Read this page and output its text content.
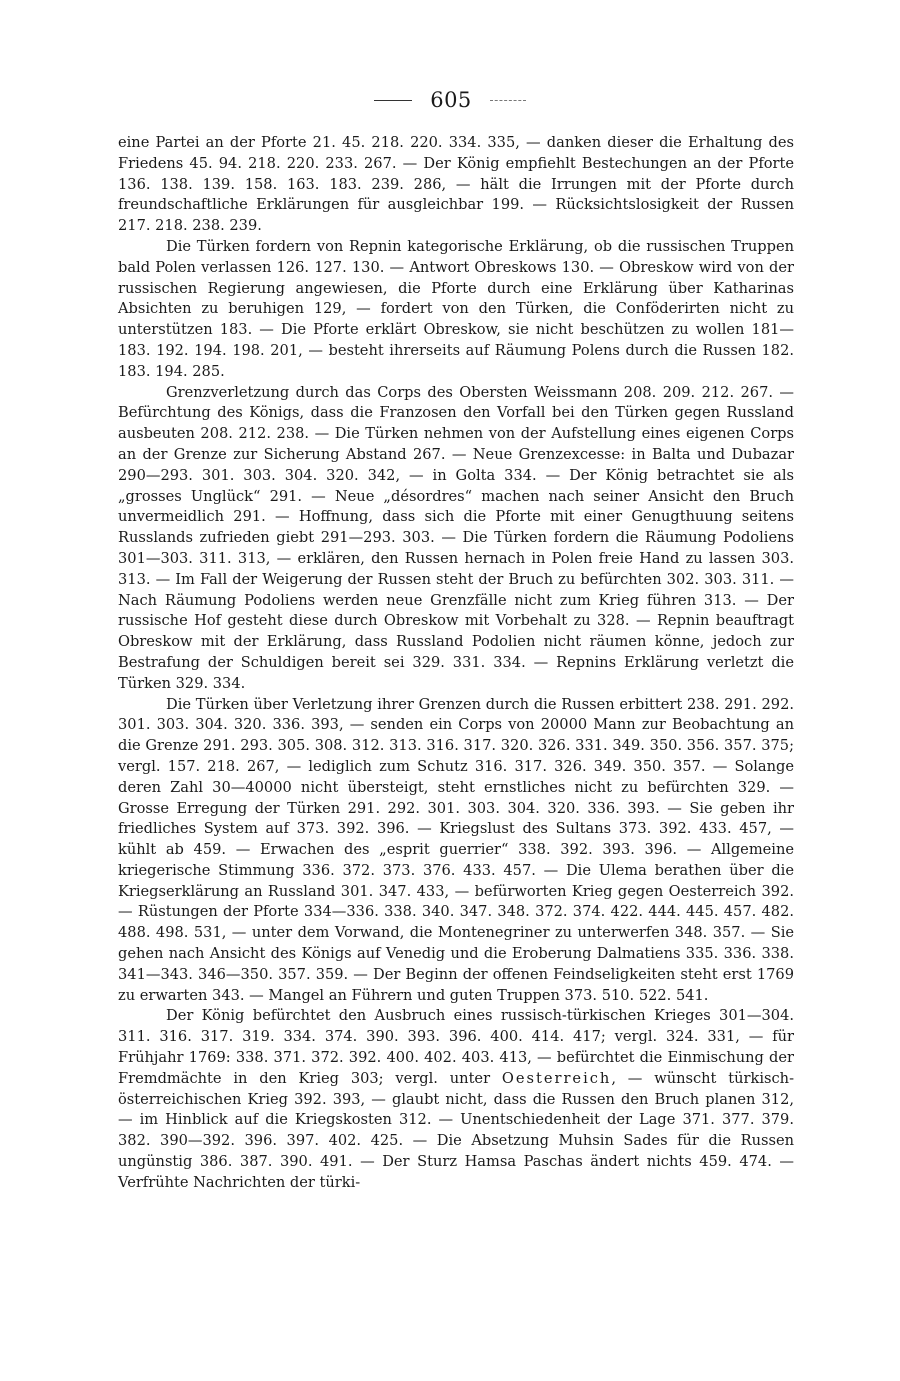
605

eine Partei an der Pforte 21. 45. 218. 220. 334. 335, — danken dieser die Erhaltung des Friedens 45. 94. 218. 220. 233. 267. — Der König empfiehlt Bestechungen an der Pforte 136. 138. 139. 158. 163. 183. 239. 286, — hält die Irrungen mit der Pforte durch freundschaftliche Erklärungen für ausgleichbar 199. — Rücksichtslosigkeit der Russen 217. 218. 238. 239.

Die Türken fordern von Repnin kategorische Erklärung, ob die russischen Truppen bald Polen verlassen 126. 127. 130. — Antwort Obreskows 130. — Obreskow wird von der russischen Regierung angewiesen, die Pforte durch eine Erklärung über Katharinas Absichten zu beruhigen 129, — fordert von den Türken, die Conföderirten nicht zu unterstützen 183. — Die Pforte erklärt Obreskow, sie nicht beschützen zu wollen 181—183. 192. 194. 198. 201, — besteht ihrerseits auf Räumung Polens durch die Russen 182. 183. 194. 285.

Grenzverletzung durch das Corps des Obersten Weissmann 208. 209. 212. 267. — Befürchtung des Königs, dass die Franzosen den Vorfall bei den Türken gegen Russland ausbeuten 208. 212. 238. — Die Türken nehmen von der Aufstellung eines eigenen Corps an der Grenze zur Sicherung Abstand 267. — Neue Grenzexcesse: in Balta und Dubazar 290—293. 301. 303. 304. 320. 342, — in Golta 334. — Der König betrachtet sie als „grosses Unglück“ 291. — Neue „désordres“ machen nach seiner Ansicht den Bruch unvermeidlich 291. — Hoffnung, dass sich die Pforte mit einer Genugthuung seitens Russlands zufrieden giebt 291—293. 303. — Die Türken fordern die Räumung Podoliens 301—303. 311. 313, — erklären, den Russen hernach in Polen freie Hand zu lassen 303. 313. — Im Fall der Weigerung der Russen steht der Bruch zu befürchten 302. 303. 311. — Nach Räumung Podoliens werden neue Grenzfälle nicht zum Krieg führen 313. — Der russische Hof gesteht diese durch Obreskow mit Vorbehalt zu 328. — Repnin beauftragt Obreskow mit der Erklärung, dass Russland Podolien nicht räumen könne, jedoch zur Bestrafung der Schuldigen bereit sei 329. 331. 334. — Repnins Erklärung verletzt die Türken 329. 334.

Die Türken über Verletzung ihrer Grenzen durch die Russen erbittert 238. 291. 292. 301. 303. 304. 320. 336. 393, — senden ein Corps von 20000 Mann zur Beobachtung an die Grenze 291. 293. 305. 308. 312. 313. 316. 317. 320. 326. 331. 349. 350. 356. 357. 375; vergl. 157. 218. 267, — lediglich zum Schutz 316. 317. 326. 349. 350. 357. — Solange deren Zahl 30—40000 nicht übersteigt, steht ernstliches nicht zu befürchten 329. — Grosse Erregung der Türken 291. 292. 301. 303. 304. 320. 336. 393. — Sie geben ihr friedliches System auf 373. 392. 396. — Kriegslust des Sultans 373. 392. 433. 457, — kühlt ab 459. — Erwachen des „esprit guerrier“ 338. 392. 393. 396. — Allgemeine kriegerische Stimmung 336. 372. 373. 376. 433. 457. — Die Ulema berathen über die Kriegserklärung an Russland 301. 347. 433, — befürworten Krieg gegen Oesterreich 392. — Rüstungen der Pforte 334—336. 338. 340. 347. 348. 372. 374. 422. 444. 445. 457. 482. 488. 498. 531, — unter dem Vorwand, die Montenegriner zu unterwerfen 348. 357. — Sie gehen nach Ansicht des Königs auf Venedig und die Eroberung Dalmatiens 335. 336. 338. 341—343. 346—350. 357. 359. — Der Beginn der offenen Feindseligkeiten steht erst 1769 zu erwarten 343. — Mangel an Führern und guten Truppen 373. 510. 522. 541.

Der König befürchtet den Ausbruch eines russisch-türkischen Krieges 301—304. 311. 316. 317. 319. 334. 374. 390. 393. 396. 400. 414. 417; vergl. 324. 331, — für Frühjahr 1769: 338. 371. 372. 392. 400. 402. 403. 413, — befürchtet die Einmischung der Fremdmächte in den Krieg 303; vergl. unter Oesterreich, — wünscht türkisch-österreichischen Krieg 392. 393, — glaubt nicht, dass die Russen den Bruch planen 312, — im Hinblick auf die Kriegskosten 312. — Unentschiedenheit der Lage 371. 377. 379. 382. 390—392. 396. 397. 402. 425. — Die Absetzung Muhsin Sades für die Russen ungünstig 386. 387. 390. 491. — Der Sturz Hamsa Paschas ändert nichts 459. 474. — Verfrühte Nachrichten der türki-
